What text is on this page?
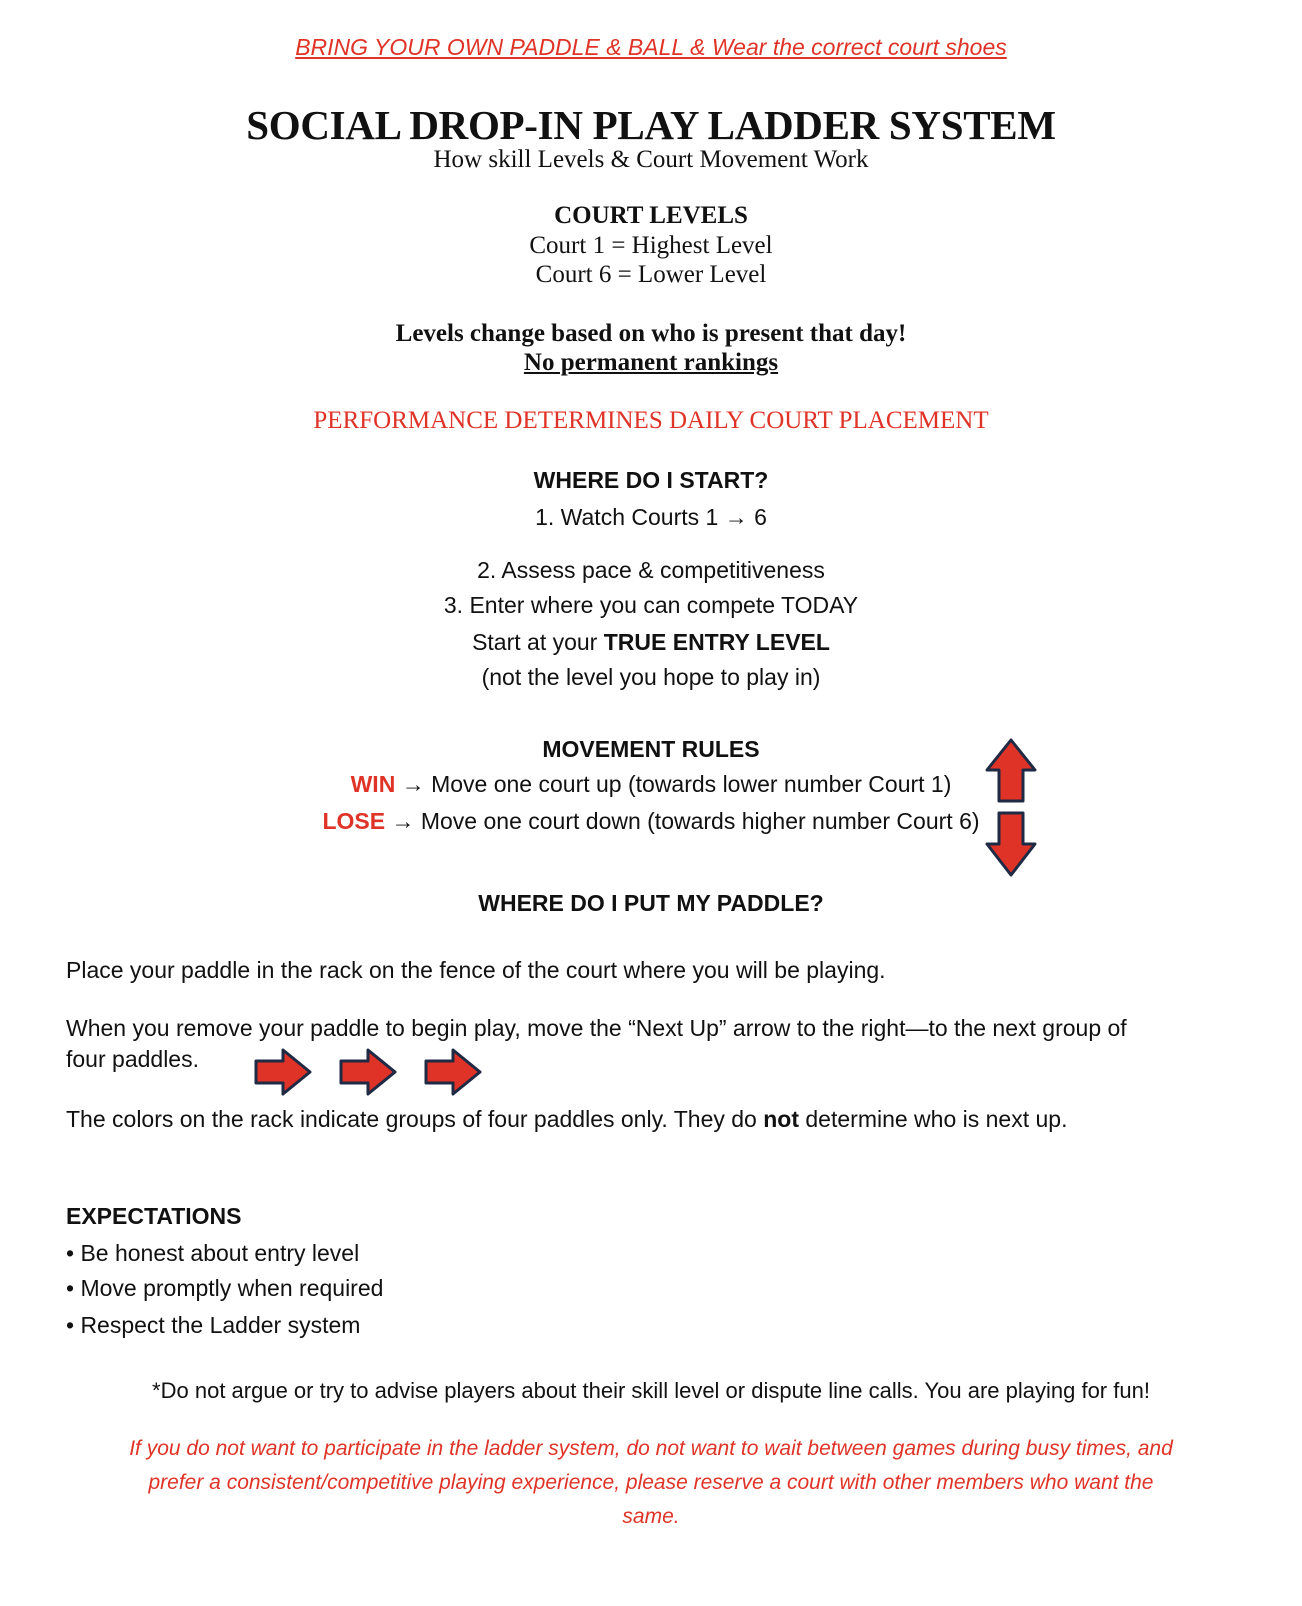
BRING YOUR OWN PADDLE & BALL & Wear the correct court shoes
SOCIAL DROP-IN PLAY LADDER SYSTEM
How skill Levels & Court Movement Work
COURT LEVELS
Court 1 = Highest Level
Court 6 = Lower Level
Levels change based on who is present that day!
No permanent rankings
PERFORMANCE DETERMINES DAILY COURT PLACEMENT
WHERE DO I START?
1. Watch Courts 1 → 6
2. Assess pace & competitiveness
3. Enter where you can compete TODAY
Start at your TRUE ENTRY LEVEL
(not the level you hope to play in)
MOVEMENT RULES
WIN → Move one court up (towards lower number Court 1)
LOSE → Move one court down (towards higher number Court 6)
WHERE DO I PUT MY PADDLE?
Place your paddle in the rack on the fence of the court where you will be playing.
When you remove your paddle to begin play, move the “Next Up” arrow to the right—to the next group of
four paddles.
The colors on the rack indicate groups of four paddles only. They do not determine who is next up.
EXPECTATIONS
• Be honest about entry level
• Move promptly when required
• Respect the Ladder system
*Do not argue or try to advise players about their skill level or dispute line calls. You are playing for fun!
If you do not want to participate in the ladder system, do not want to wait between games during busy times, and
prefer a consistent/competitive playing experience, please reserve a court with other members who want the
same.
